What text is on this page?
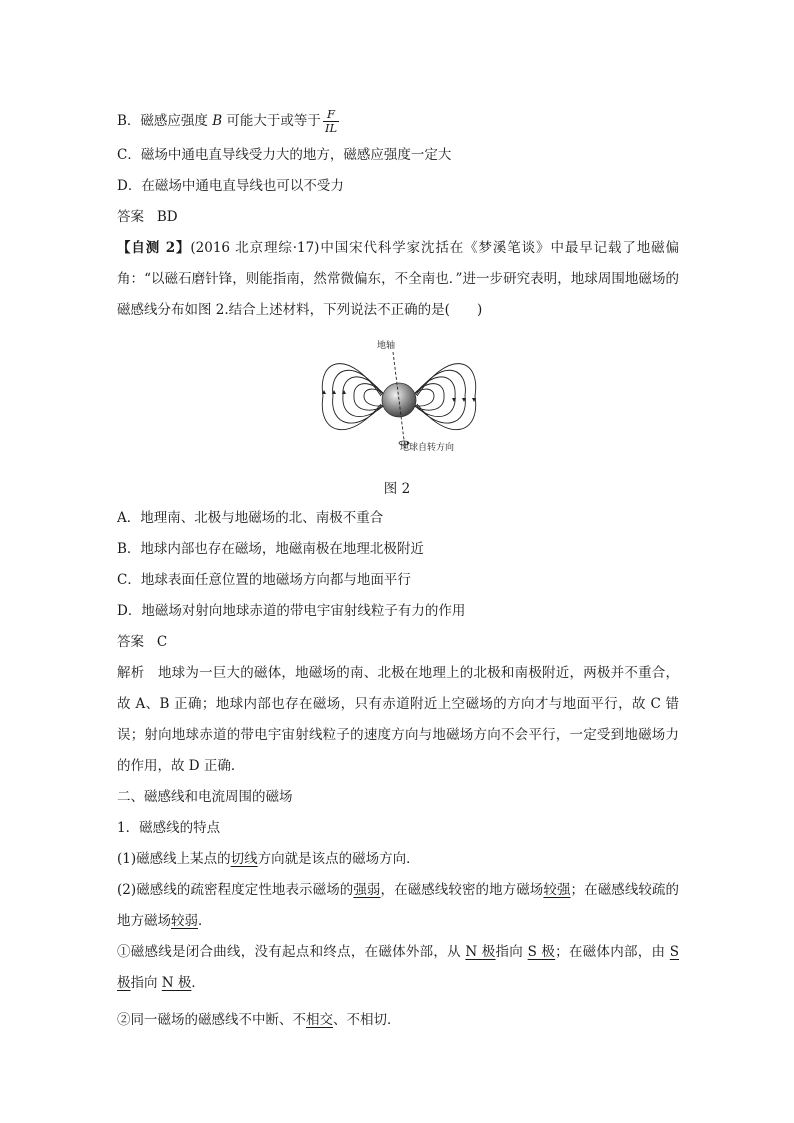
B．磁感应强度 B 可能大于或等于 $\frac{F}{IL}$
C．磁场中通电直导线受力大的地方，磁感应强度一定大
D．在磁场中通电直导线也可以不受力
答案 BD
【自测 2】(2016 北京理综·17)中国宋代科学家沈括在《梦溪笔谈》中最早记载了地磁偏角：“以磁石磨针锋，则能指南，然常微偏东，不全南也．”进一步研究表明，地球周围地磁场的磁感线分布如图 2.结合上述材料，下列说法不正确的是(　　)
地轴
地球自转方向
图 2
A．地理南、北极与地磁场的北、南极不重合
B．地球内部也存在磁场，地磁南极在地理北极附近
C．地球表面任意位置的地磁场方向都与地面平行
D．地磁场对射向地球赤道的带电宇宙射线粒子有力的作用
答案 C
解析 地球为一巨大的磁体，地磁场的南、北极在地理上的北极和南极附近，两极并不重合，故 A、B 正确；地球内部也存在磁场，只有赤道附近上空磁场的方向才与地面平行，故 C 错误；射向地球赤道的带电宇宙射线粒子的速度方向与地磁场方向不会平行，一定受到地磁场力的作用，故 D 正确．
二、磁感线和电流周围的磁场
1．磁感线的特点
(1)磁感线上某点的切线方向就是该点的磁场方向．
(2)磁感线的疏密程度定性地表示磁场的强弱，在磁感线较密的地方磁场较强；在磁感线较疏的地方磁场较弱．
①磁感线是闭合曲线，没有起点和终点，在磁体外部，从 N 极指向 S 极；在磁体内部，由 S 极指向 N 极．
②同一磁场的磁感线不中断、不相交、不相切．
